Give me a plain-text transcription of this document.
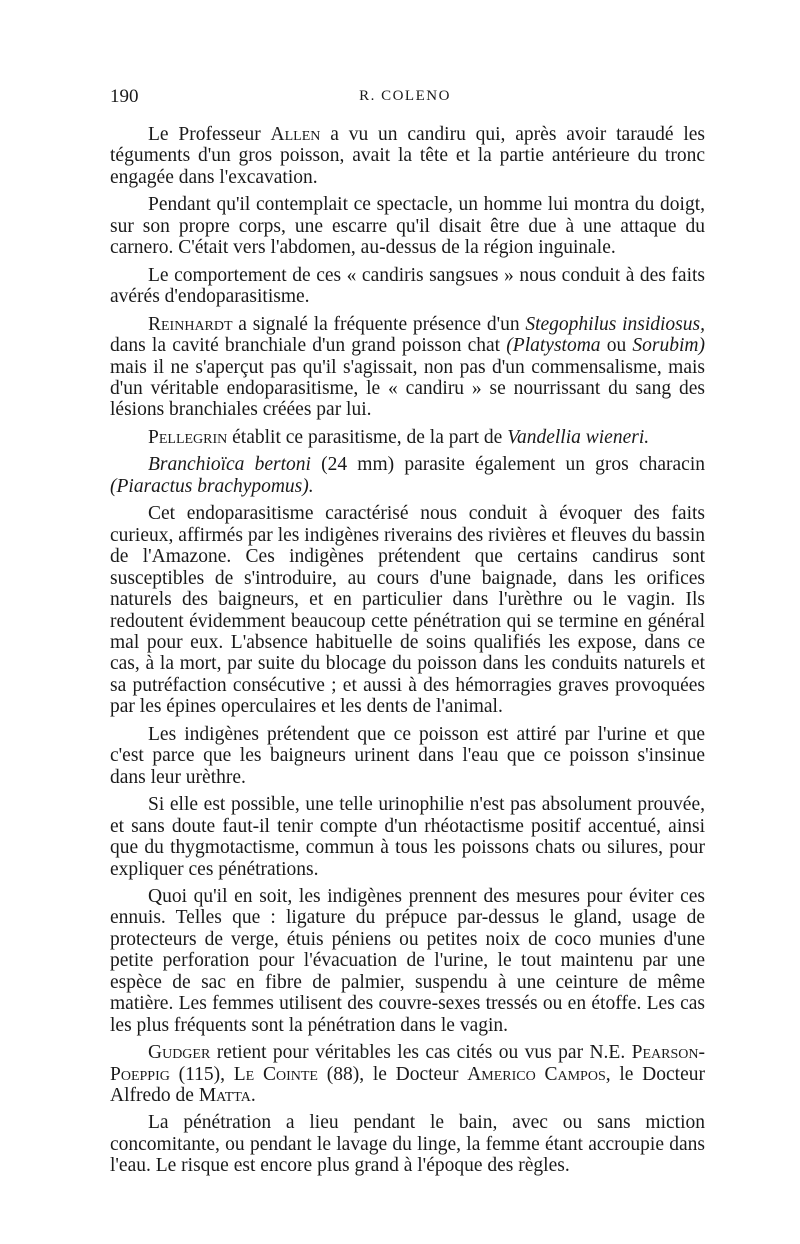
190	R. COLENO

Le Professeur Allen a vu un candiru qui, après avoir taraudé les téguments d'un gros poisson, avait la tête et la partie antérieure du tronc engagée dans l'excavation.

Pendant qu'il contemplait ce spectacle, un homme lui montra du doigt, sur son propre corps, une escarre qu'il disait être due à une attaque du carnero. C'était vers l'abdomen, au-dessus de la région inguinale.

Le comportement de ces « candiris sangsues » nous conduit à des faits avérés d'endoparasitisme.

Reinhardt a signalé la fréquente présence d'un Stegophilus insidiosus, dans la cavité branchiale d'un grand poisson chat (Platystoma ou Sorubim) mais il ne s'aperçut pas qu'il s'agissait, non pas d'un commensalisme, mais d'un véritable endoparasitisme, le « candiru » se nourrissant du sang des lésions branchiales créées par lui.

Pellegrin établit ce parasitisme, de la part de Vandellia wieneri.

Branchioïca bertoni (24 mm) parasite également un gros characin (Piaractus brachypomus).

Cet endoparasitisme caractérisé nous conduit à évoquer des faits curieux, affirmés par les indigènes riverains des rivières et fleuves du bassin de l'Amazone. Ces indigènes prétendent que certains candirus sont susceptibles de s'introduire, au cours d'une baignade, dans les orifices naturels des baigneurs, et en particulier dans l'urèthre ou le vagin. Ils redoutent évidemment beaucoup cette pénétration qui se termine en général mal pour eux. L'absence habituelle de soins qualifiés les expose, dans ce cas, à la mort, par suite du blocage du poisson dans les conduits naturels et sa putréfaction consécutive ; et aussi à des hémorragies graves provoquées par les épines operculaires et les dents de l'animal.

Les indigènes prétendent que ce poisson est attiré par l'urine et que c'est parce que les baigneurs urinent dans l'eau que ce poisson s'insinue dans leur urèthre.

Si elle est possible, une telle urinophilie n'est pas absolument prouvée, et sans doute faut-il tenir compte d'un rhéotactisme positif accentué, ainsi que du thygmotactisme, commun à tous les poissons chats ou silures, pour expliquer ces pénétrations.

Quoi qu'il en soit, les indigènes prennent des mesures pour éviter ces ennuis. Telles que : ligature du prépuce par-dessus le gland, usage de protecteurs de verge, étuis péniens ou petites noix de coco munies d'une petite perforation pour l'évacuation de l'urine, le tout maintenu par une espèce de sac en fibre de palmier, suspendu à une ceinture de même matière. Les femmes utilisent des couvre-sexes tressés ou en étoffe. Les cas les plus fréquents sont la pénétration dans le vagin.

Gudger retient pour véritables les cas cités ou vus par N.E. Pearson-Poeppig (115), Le Cointe (88), le Docteur Americo Campos, le Docteur Alfredo de Matta.

La pénétration a lieu pendant le bain, avec ou sans miction concomitante, ou pendant le lavage du linge, la femme étant accroupie dans l'eau. Le risque est encore plus grand à l'époque des règles.
